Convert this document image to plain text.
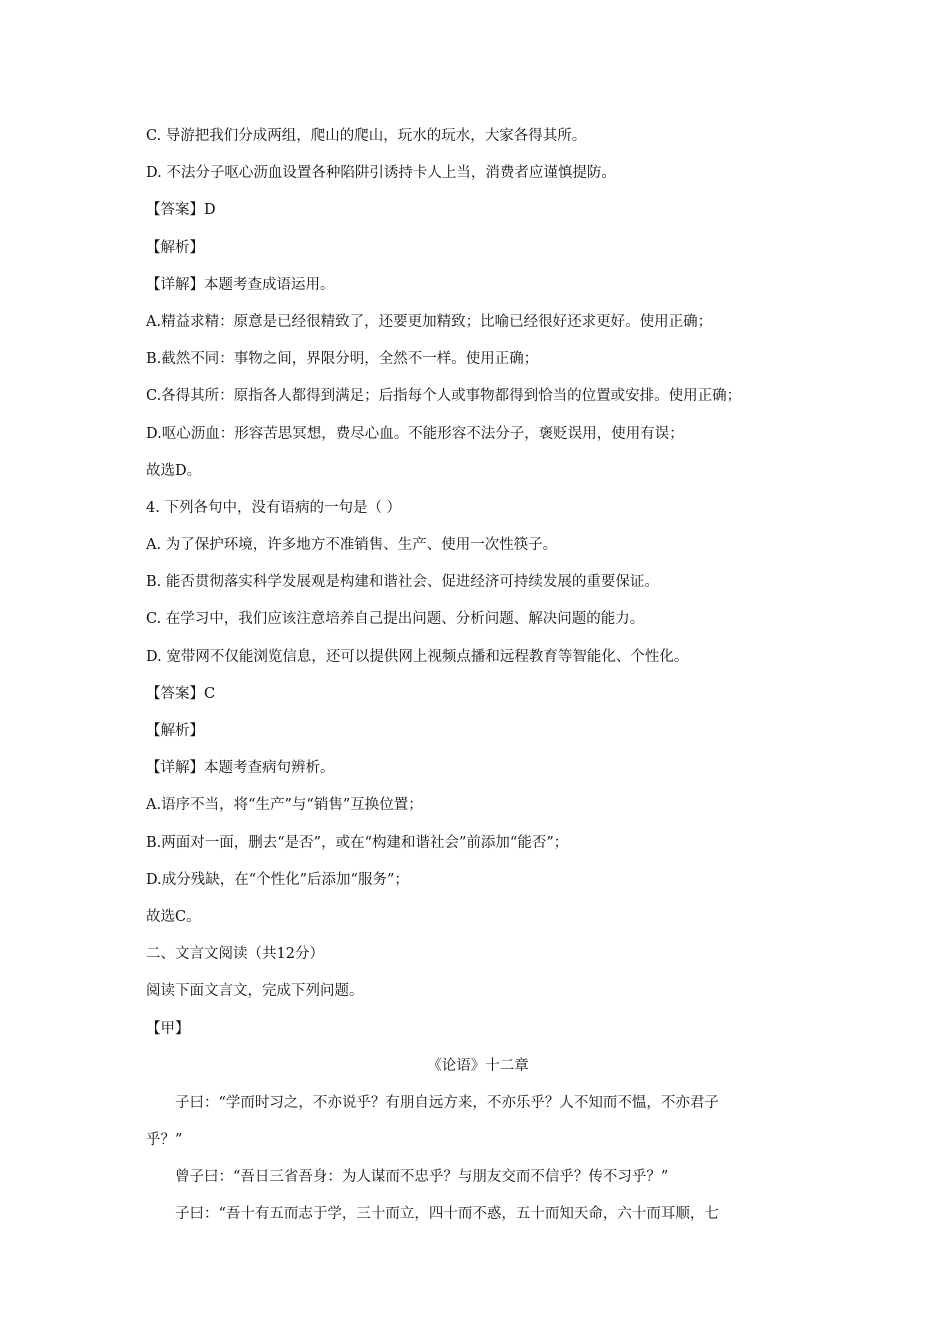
C. 导游把我们分成两组，爬山的爬山，玩水的玩水，大家各得其所。
D. 不法分子呕心沥血设置各种陷阱引诱持卡人上当，消费者应谨慎提防。
【答案】D
【解析】
【详解】本题考查成语运用。
A.精益求精：原意是已经很精致了，还要更加精致；比喻已经很好还求更好。使用正确；
B.截然不同：事物之间，界限分明，全然不一样。使用正确；
C.各得其所：原指各人都得到满足；后指每个人或事物都得到恰当的位置或安排。使用正确；
D.呕心沥血：形容苦思冥想，费尽心血。不能形容不法分子，褒贬误用，使用有误；
故选D。
4. 下列各句中，没有语病的一句是（ ）
A. 为了保护环境，许多地方不准销售、生产、使用一次性筷子。
B. 能否贯彻落实科学发展观是构建和谐社会、促进经济可持续发展的重要保证。
C. 在学习中，我们应该注意培养自己提出问题、分析问题、解决问题的能力。
D. 宽带网不仅能浏览信息，还可以提供网上视频点播和远程教育等智能化、个性化。
【答案】C
【解析】
【详解】本题考查病句辨析。
A.语序不当，将“生产”与“销售”互换位置；
B.两面对一面，删去“是否”，或在“构建和谐社会”前添加“能否”；
D.成分残缺，在“个性化”后添加“服务”；
故选C。
二、文言文阅读（共12分）
阅读下面文言文，完成下列问题。
【甲】
《论语》十二章
子曰：“学而时习之，不亦说乎？有朋自远方来，不亦乐乎？人不知而不愠，不亦君子
乎？”
曾子曰：“吾日三省吾身：为人谋而不忠乎？与朋友交而不信乎？传不习乎？”
子曰：“吾十有五而志于学，三十而立，四十而不惑，五十而知天命，六十而耳顺，七
